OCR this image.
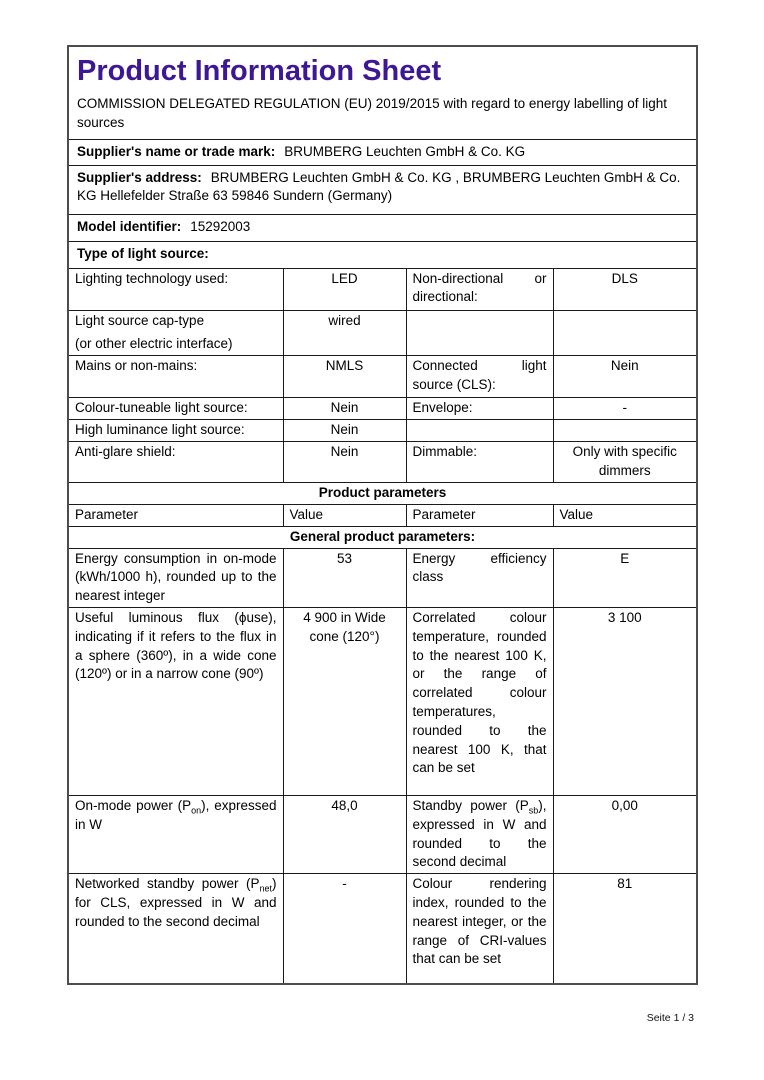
Product Information Sheet

COMMISSION DELEGATED REGULATION (EU) 2019/2015 with regard to energy labelling of light sources

Supplier's name or trade mark: BRUMBERG Leuchten GmbH & Co. KG			
Supplier's address: BRUMBERG Leuchten GmbH & Co. KG , BRUMBERG Leuchten GmbH & Co. KG Hellefelder Straße 63 59846 Sundern (Germany)			
Model identifier: 15292003			
Type of light source:			
Lighting technology used:	LED	Non-directional or directional:	DLS

Light source cap-type
(or other electric interface)	wired		
Mains or non-mains:	NMLS	Connected light source (CLS):	Nein
Colour-tuneable light source:	Nein	Envelope:	-
High luminance light source:	Nein		
Anti-glare shield:	Nein	Dimmable:	Only with specific dimmers
Product parameters			
Parameter	Value	Parameter	Value
General product parameters:			
Energy consumption in on-mode (kWh/1000 h), rounded up to the nearest integer	53	Energy efficiency class	E
Useful luminous flux (ϕuse), indicating if it refers to the flux in a sphere (360º), in a wide cone (120º) or in a narrow cone (90º)	4 900 in Wide cone (120°)	Correlated colour temperature, rounded to the nearest 100 K, or the range of correlated colour temperatures, rounded to the nearest 100 K, that can be set	3 100
On-mode power $(P_{on})$, expressed in W	48,0	Standby power $(P_{sb})$, expressed in W and rounded to the second decimal	0,00
Networked standby power $(P_{net})$ for CLS, expressed in W and rounded to the second decimal	-	Colour rendering index, rounded to the nearest integer, or the range of CRI-values that can be set	81
Seite 1 / 3
